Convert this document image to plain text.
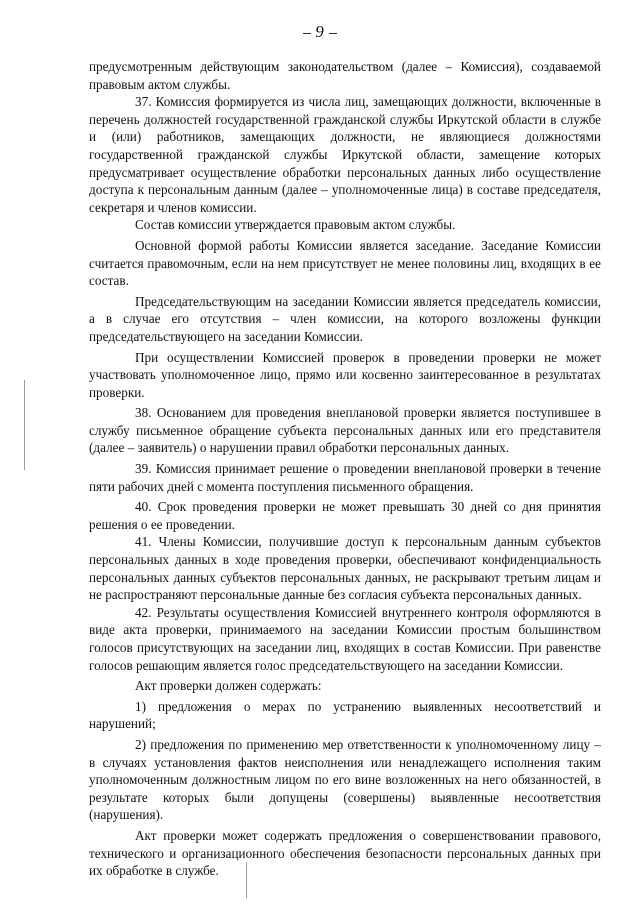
9

предусмотренным действующим законодательством (далее – Комиссия), создаваемой правовым актом службы.

37. Комиссия формируется из числа лиц, замещающих должности, включенные в перечень должностей государственной гражданской службы Иркутской области в службе и (или) работников, замещающих должности, не являющиеся должностями государственной гражданской службы Иркутской области, замещение которых предусматривает осуществление обработки персональных данных либо осуществление доступа к персональным данным (далее – уполномоченные лица) в составе председателя, секретаря и членов комиссии.

Состав комиссии утверждается правовым актом службы.

Основной формой работы Комиссии является заседание. Заседание Комиссии считается правомочным, если на нем присутствует не менее половины лиц, входящих в ее состав.

Председательствующим на заседании Комиссии является председатель комиссии, а в случае его отсутствия – член комиссии, на которого возложены функции председательствующего на заседании Комиссии.

При осуществлении Комиссией проверок в проведении проверки не может участвовать уполномоченное лицо, прямо или косвенно заинтересованное в результатах проверки.

38. Основанием для проведения внеплановой проверки является поступившее в службу письменное обращение субъекта персональных данных или его представителя (далее – заявитель) о нарушении правил обработки персональных данных.

39. Комиссия принимает решение о проведении внеплановой проверки в течение пяти рабочих дней с момента поступления письменного обращения.

40. Срок проведения проверки не может превышать 30 дней со дня принятия решения о ее проведении.

41. Члены Комиссии, получившие доступ к персональным данным субъектов персональных данных в ходе проведения проверки, обеспечивают конфиденциальность персональных данных субъектов персональных данных, не раскрывают третьим лицам и не распространяют персональные данные без согласия субъекта персональных данных.

42. Результаты осуществления Комиссией внутреннего контроля оформляются в виде акта проверки, принимаемого на заседании Комиссии простым большинством голосов присутствующих на заседании лиц, входящих в состав Комиссии. При равенстве голосов решающим является голос председательствующего на заседании Комиссии.

Акт проверки должен содержать:

1) предложения о мерах по устранению выявленных несоответствий и нарушений;

2) предложения по применению мер ответственности к уполномоченному лицу – в случаях установления фактов неисполнения или ненадлежащего исполнения таким уполномоченным должностным лицом по его вине возложенных на него обязанностей, в результате которых были допущены (совершены) выявленные несоответствия (нарушения).

Акт проверки может содержать предложения о совершенствовании правового, технического и организационного обеспечения безопасности персональных данных при их обработке в службе.
